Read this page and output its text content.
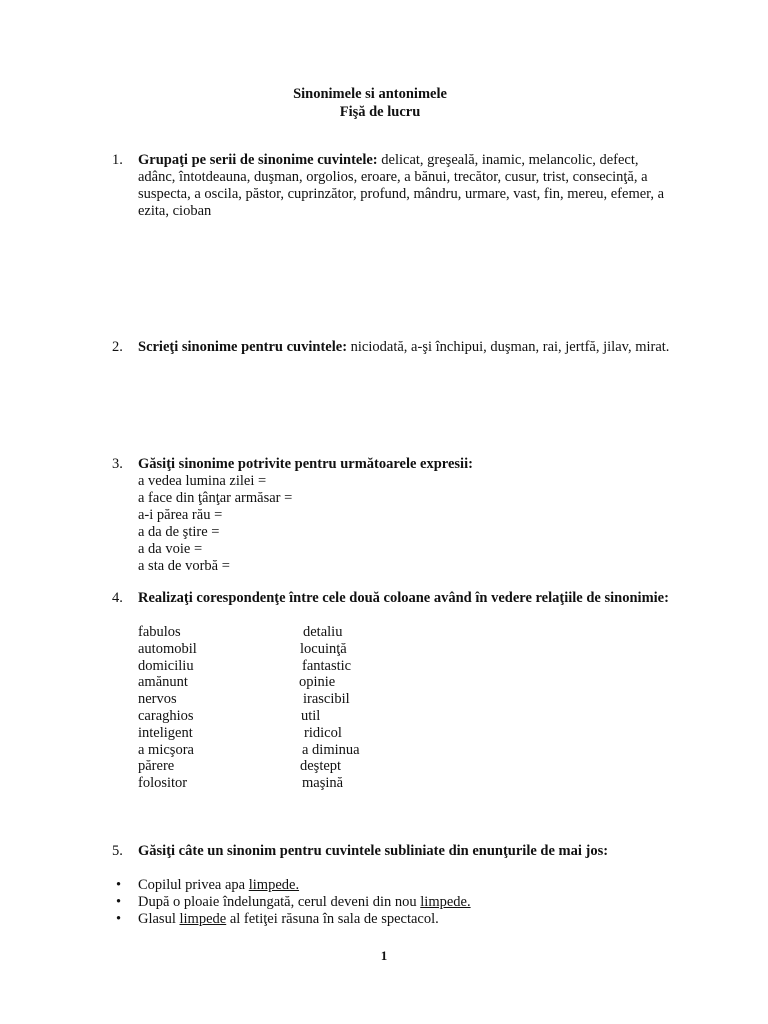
Sinonimele si antonimele
Fişă de lucru
1. Grupaţi pe serii de sinonime cuvintele: delicat, greşeală, inamic, melancolic, defect, adânc, întotdeauna, duşman, orgolios, eroare, a bănui, trecător, cusur, trist, consecinţă, a suspecta, a oscila, păstor, cuprinzător, profund, mândru, urmare, vast, fin, mereu, efemer, a ezita, cioban
2. Scrieţi sinonime pentru cuvintele: niciodată, a-şi închipui, duşman, rai, jertfă, jilav, mirat.
3. Găsiţi sinonime potrivite pentru următoarele expresii:
a vedea lumina zilei =
a face din ţânţar armăsar =
a-i părea rău =
a da de ştire =
a da voie =
a sta de vorbă =
4. Realizaţi corespondenţe între cele două coloane având în vedere relaţiile de sinonimie:
fabulos	detaliu
automobil	locuinţă
domiciliu	fantastic
amănunt	opinie
nervos	irascibil
caraghios	util
inteligent	ridicol
a micşora	a diminua
părere	deştept
folositor	maşină
5. Găsiţi câte un sinonim pentru cuvintele subliniate din enunţurile de mai jos:
• Copilul privea apa limpede.
• După o ploaie îndelungată, cerul deveni din nou limpede.
• Glasul limpede al fetiţei răsuna în sala de spectacol.
1
